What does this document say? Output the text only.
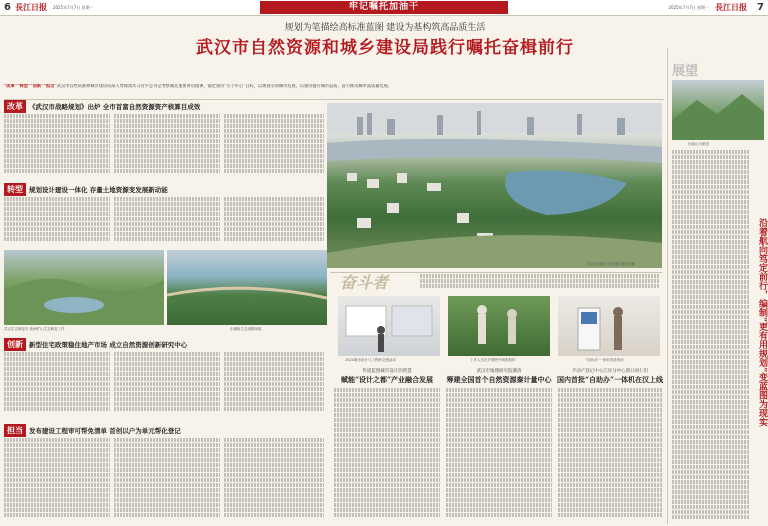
6 長江日报 2025年7月7日 星期一	2025年7月7日 星期一 長江日报 7
牢记嘱托加油干
规划为笔描绘高标准蓝图 建设为基构筑高品质生活
武汉市自然资源和城乡建设局践行嘱托奋楫前行
“改革”“转型”“创新”“担当”武汉市自然资源和城乡建设局深入贯彻落实习近平总书记考察湖北重要讲话精神，锚定建设“五个中心”目标，以规划引领城市发展，以建设提升城市品质，奋力推动城市高质量发展。
改革 《武汉市战略规划》出炉 全市首富自然资源资产核算目成效
武汉汉水滨江生态城区航拍鸟瞰
转型 规划设计建设一体化 存量土地资源变发展新动能
武汉生态修复后 新洲矿山生态修复工作	东湖新生态道路绿道
创新 新型住宅政策稳住地产市场 成立自然资源创新研究中心
担当 发布建设工程审可帮免清单 首创以户为单元帮化登记
奋斗者
2024城市设计与工程师交流活动	工作人员在开展野外调查取样	“自助办”一体机投放现场
传递蓝图城市设计的智慧
赋能“设计之都”产业融合发展
武汉市地理研究院赛清
筹建全国首个自然资源秦计量中心
不动产登记中心江岸分中心窗口同仁们
国内首批“自助办”一体机在汉上线
展望
壮丽山川航拍
沿着航向笃定前行，编制“更有用规划”变蓝图为现实
